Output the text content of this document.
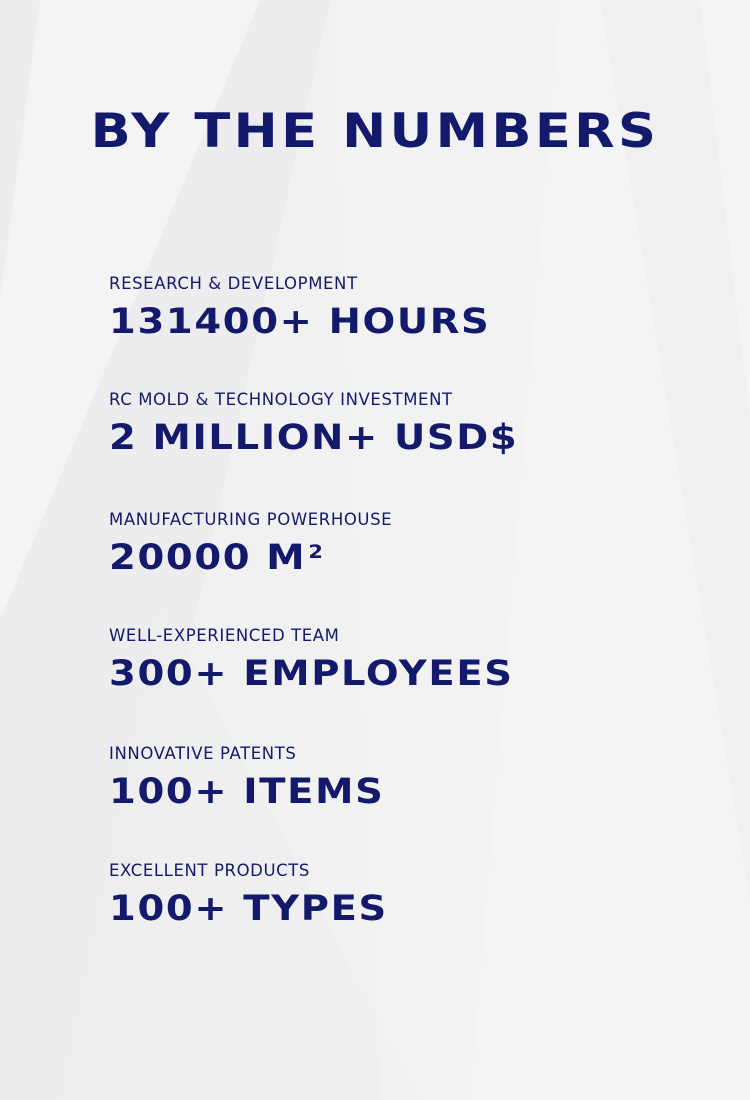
BY THE NUMBERS
RESEARCH & DEVELOPMENT
131400+ HOURS
RC MOLD & TECHNOLOGY INVESTMENT
2 MILLION+ USD$
MANUFACTURING POWERHOUSE
20000 M $^2$
WELL-EXPERIENCED TEAM
300+ EMPLOYEES
INNOVATIVE PATENTS
100+ ITEMS
EXCELLENT PRODUCTS
100+ TYPES
